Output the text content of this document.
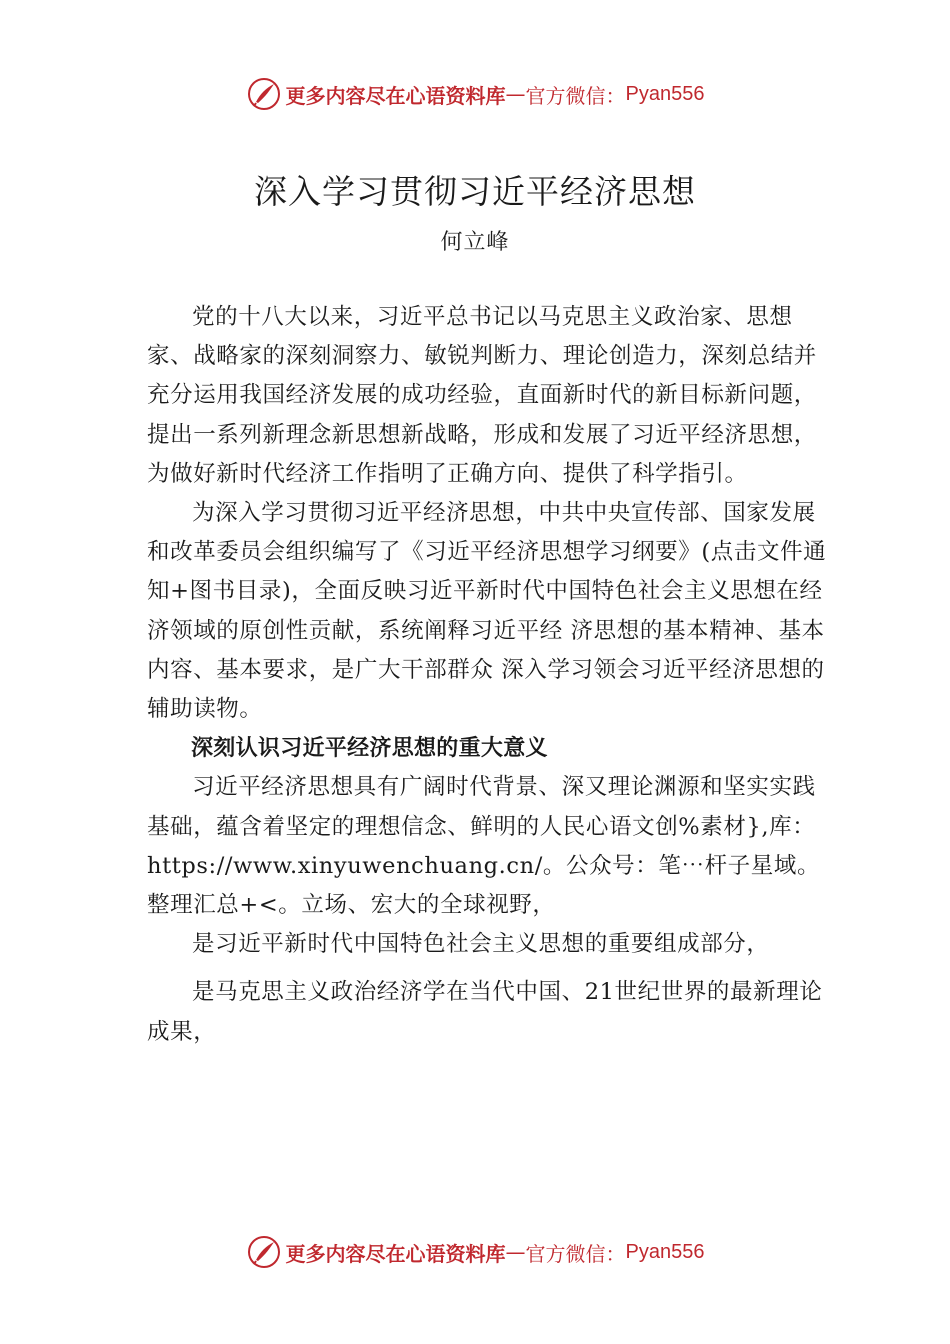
更多内容尽在心语资料库 — 官方微信： Pyan556
深入学习贯彻习近平经济思想
何立峰

党的十八大以来，习近平总书记以马克思主义政治家、思想家、战略家的深刻洞察力、敏锐判断力、理论创造力，深刻总结并充分运用我国经济发展的成功经验，直面新时代的新目标新问题，提出一系列新理念新思想新战略，形成和发展了习近平经济思想，为做好新时代经济工作指明了正确方向、提供了科学指引。

为深入学习贯彻习近平经济思想，中共中央宣传部、国家发展和改革委员会组织编写了《习近平经济思想学习纲要》(点击文件通知+图书目录)，全面反映习近平新时代中国特色社会主义思想在经济领域的原创性贡献，系统阐释习近平经 济思想的基本精神、基本内容、基本要求，是广大干部群众 深入学习领会习近平经济思想的辅助读物。

深刻认识习近平经济思想的重大意义

习近平经济思想具有广阔时代背景、深⼜理论渊源和坚实实践基础，蕴含着坚定的理想信念、鲜明的人民心语文创%素材},库：https://www.xinyuwenchuang.cn/。公众号：笔⋯杆子星域。整理汇总+<。立场、宏大的全球视野，

是习近平新时代中国特色社会主义思想的重要组成部分，

是马克思主义政治经济学在当代中国、21世纪世界的最新理论成果，

更多内容尽在心语资料库 — 官方微信： Pyan556
